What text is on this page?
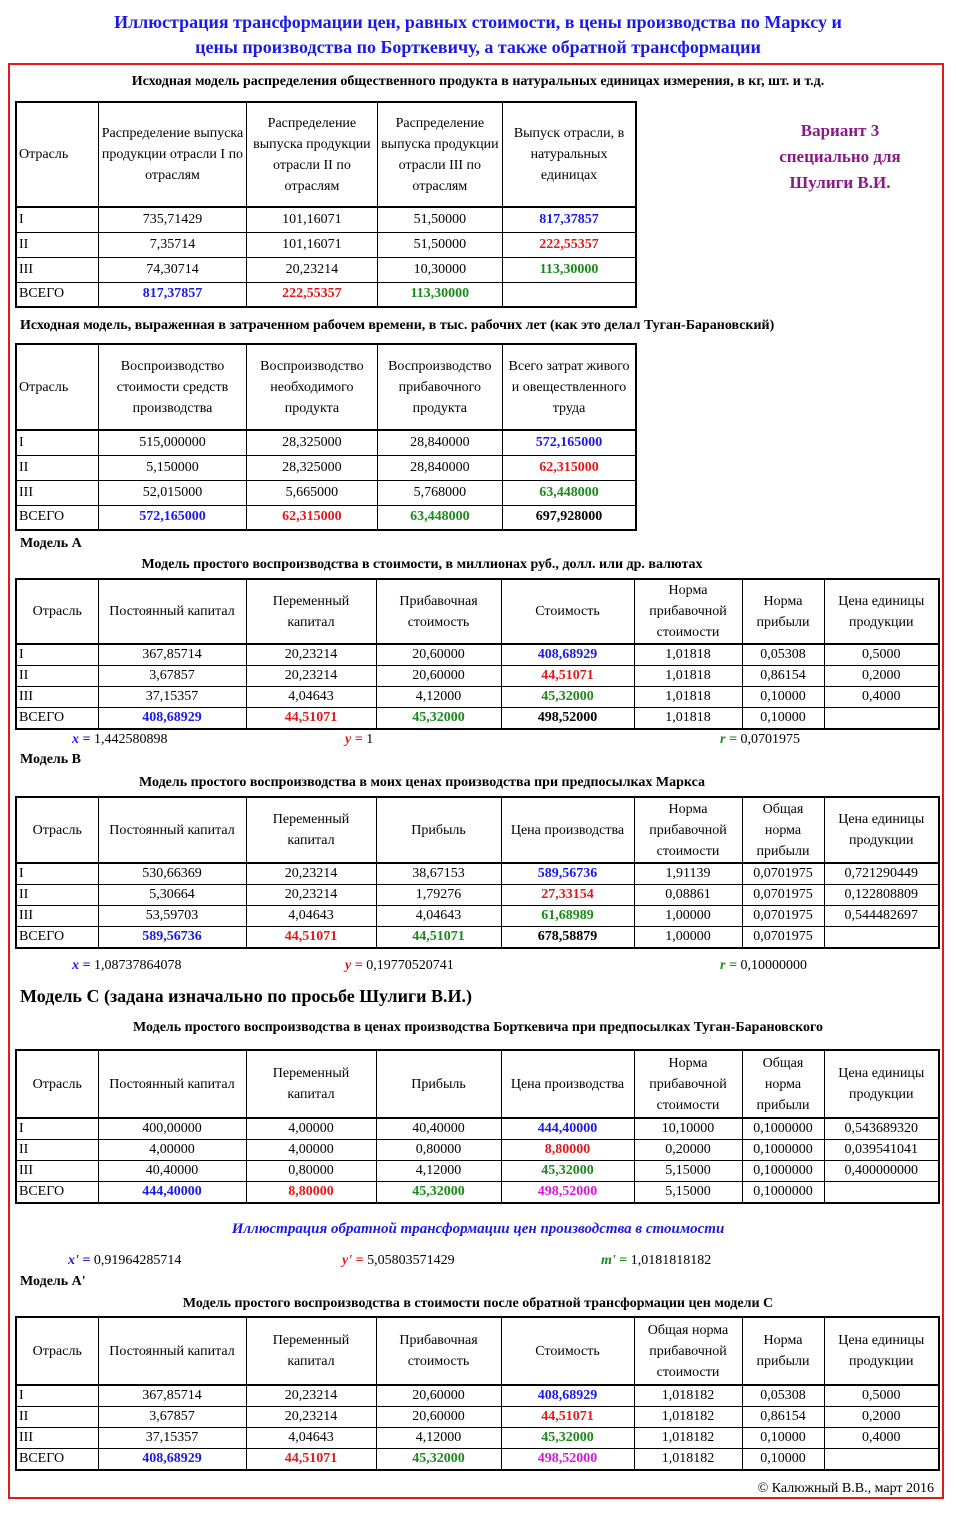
Иллюстрация трансформации цен, равных стоимости, в цены производства по Марксу и
цены производства по Борткевичу, а также обратной трансформации
Исходная модель распределения общественного продукта в натуральных единицах измерения, в кг, шт. и т.д.
Отрасль	Распределение выпуска продукции отрасли I по отраслям	Распределение выпуска продукции отрасли II по отраслям	Распределение выпуска продукции отрасли III по отраслям	Выпуск отрасли, в натуральных единицах
I	735,71429	101,16071	51,50000	817,37857
II	7,35714	101,16071	51,50000	222,55357
III	74,30714	20,23214	10,30000	113,30000
ВСЕГО	817,37857	222,55357	113,30000	
Вариант 3
специально для
Шулиги В.И.
Исходная модель, выраженная в затраченном рабочем времени, в тыс. рабочих лет (как это делал Туган-Барановский)
Отрасль	Воспроизводство стоимости средств производства	Воспроизводство необходимого продукта	Воспроизводство прибавочного продукта	Всего затрат живого и овеществленного труда
I	515,000000	28,325000	28,840000	572,165000
II	5,150000	28,325000	28,840000	62,315000
III	52,015000	5,665000	5,768000	63,448000
ВСЕГО	572,165000	62,315000	63,448000	697,928000
Модель А
Модель простого воспроизводства в стоимости, в миллионах руб., долл. или др. валютах
Отрасль	Постоянный капитал	Переменный капитал	Прибавочная стоимость	Стоимость	Норма прибавочной стоимости	Норма прибыли	Цена единицы продукции
I	367,85714	20,23214	20,60000	408,68929	1,01818	0,05308	0,5000
II	3,67857	20,23214	20,60000	44,51071	1,01818	0,86154	0,2000
III	37,15357	4,04643	4,12000	45,32000	1,01818	0,10000	0,4000
ВСЕГО	408,68929	44,51071	45,32000	498,52000	1,01818	0,10000	
x = 1,442580898	y = 1	r = 0,0701975
Модель В
Модель простого воспроизводства в моих ценах производства при предпосылках Маркса
Отрасль	Постоянный капитал	Переменный капитал	Прибыль	Цена производства	Норма прибавочной стоимости	Общая норма прибыли	Цена единицы продукции
I	530,66369	20,23214	38,67153	589,56736	1,91139	0,0701975	0,721290449
II	5,30664	20,23214	1,79276	27,33154	0,08861	0,0701975	0,122808809
III	53,59703	4,04643	4,04643	61,68989	1,00000	0,0701975	0,544482697
ВСЕГО	589,56736	44,51071	44,51071	678,58879	1,00000	0,0701975	
x = 1,08737864078	y = 0,19770520741	r = 0,10000000
Модель С (задана изначально по просьбе Шулиги В.И.)
Модель простого воспроизводства в ценах производства Борткевича при предпосылках Туган-Барановского
Отрасль	Постоянный капитал	Переменный капитал	Прибыль	Цена производства	Норма прибавочной стоимости	Общая норма прибыли	Цена единицы продукции
I	400,00000	4,00000	40,40000	444,40000	10,10000	0,1000000	0,543689320
II	4,00000	4,00000	0,80000	8,80000	0,20000	0,1000000	0,039541041
III	40,40000	0,80000	4,12000	45,32000	5,15000	0,1000000	0,400000000
ВСЕГО	444,40000	8,80000	45,32000	498,52000	5,15000	0,1000000	
Иллюстрация обратной трансформации цен производства в стоимости
x' = 0,91964285714	y' = 5,05803571429	m' = 1,0181818182
Модель А'
Модель простого воспроизводства в стоимости после обратной трансформации цен модели С
Отрасль	Постоянный капитал	Переменный капитал	Прибавочная стоимость	Стоимость	Общая норма прибавочной стоимости	Норма прибыли	Цена единицы продукции
I	367,85714	20,23214	20,60000	408,68929	1,018182	0,05308	0,5000
II	3,67857	20,23214	20,60000	44,51071	1,018182	0,86154	0,2000
III	37,15357	4,04643	4,12000	45,32000	1,018182	0,10000	0,4000
ВСЕГО	408,68929	44,51071	45,32000	498,52000	1,018182	0,10000	
© Калюжный В.В., март 2016
